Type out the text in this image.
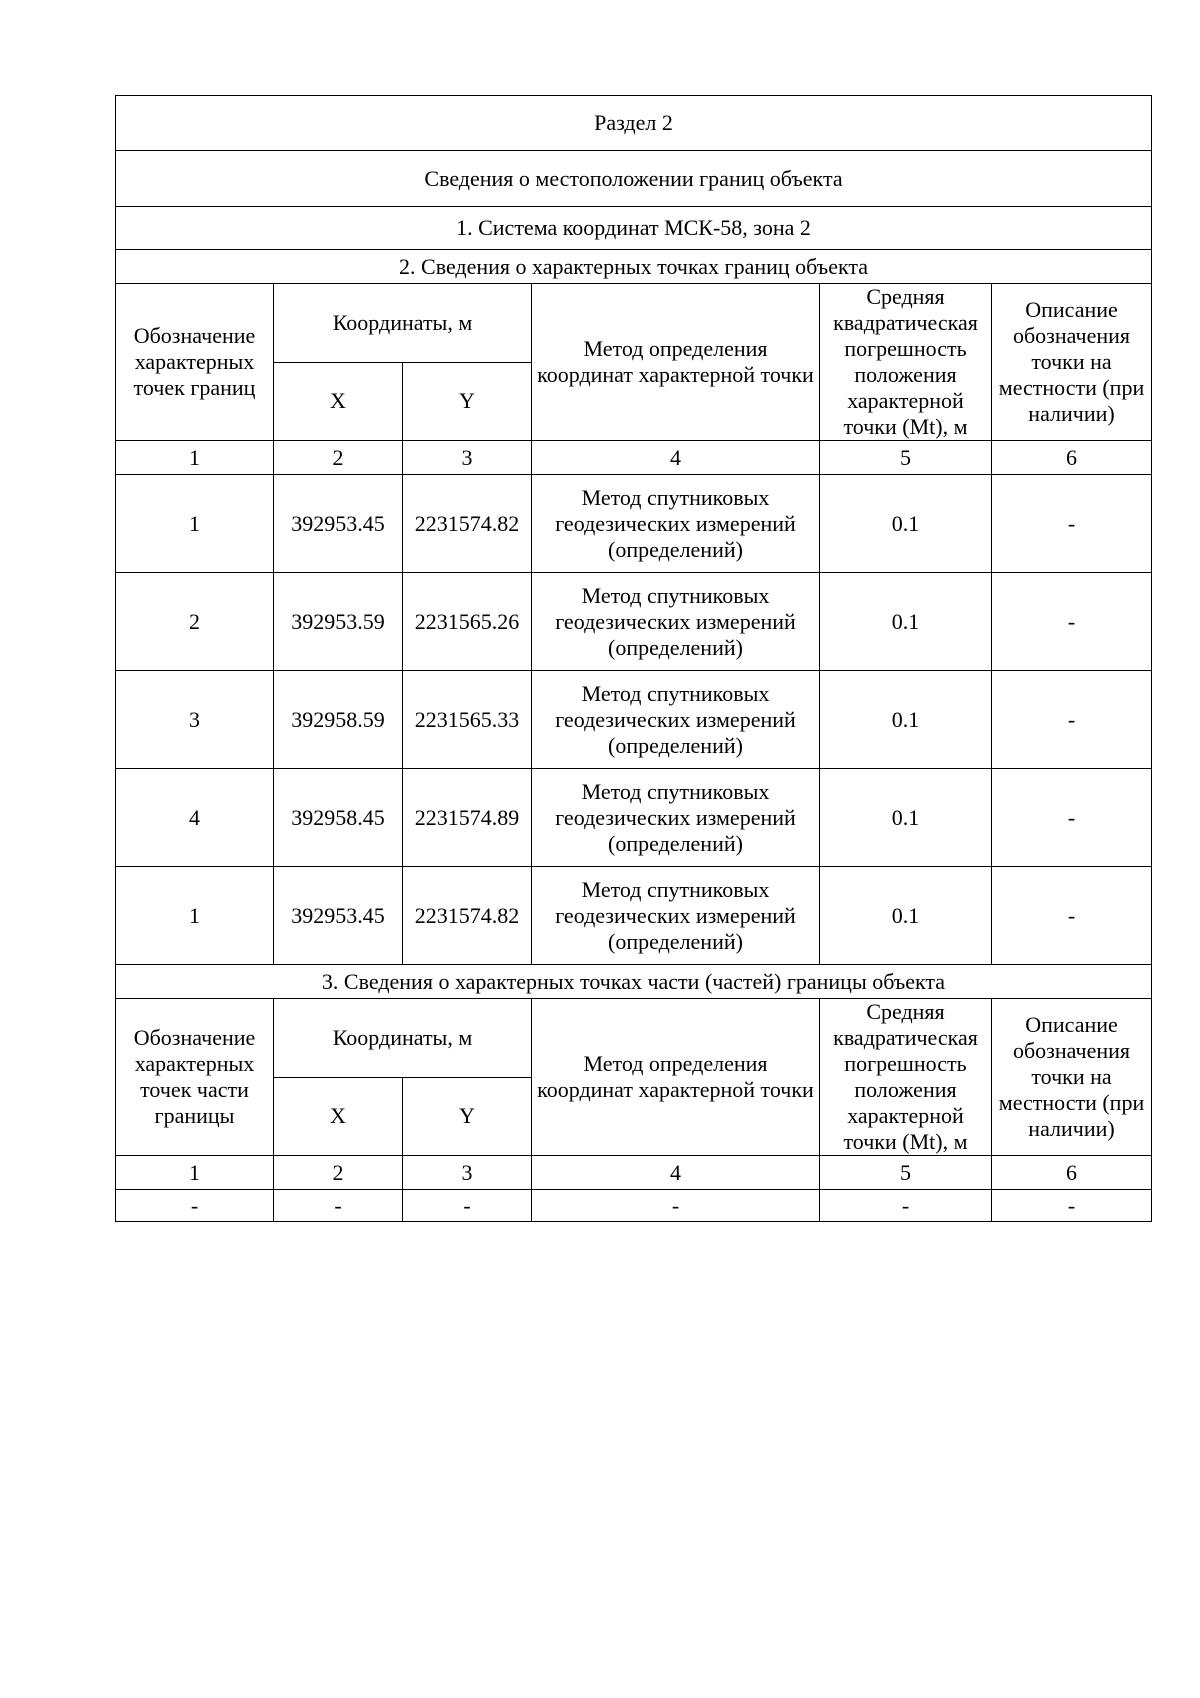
Раздел 2					
Сведения о местоположении границ объекта					
1. Система координат МСК-58, зона 2					
2. Сведения о характерных точках границ объекта					
Обозначение характерных точек границ	Координаты, м		Метод определения координат характерной точки	Средняя квадратическая погрешность положения характерной точки (Mt), м	Описание обозначения точки на местности (при наличии)
	X	Y			
1	2	3	4	5	6
1	392953.45	2231574.82	Метод спутниковых геодезических измерений (определений)	0.1	-
2	392953.59	2231565.26	Метод спутниковых геодезических измерений (определений)	0.1	-
3	392958.59	2231565.33	Метод спутниковых геодезических измерений (определений)	0.1	-
4	392958.45	2231574.89	Метод спутниковых геодезических измерений (определений)	0.1	-
1	392953.45	2231574.82	Метод спутниковых геодезических измерений (определений)	0.1	-
3. Сведения о характерных точках части (частей) границы объекта					
Обозначение характерных точек части границы	Координаты, м		Метод определения координат характерной точки	Средняя квадратическая погрешность положения характерной точки (Mt), м	Описание обозначения точки на местности (при наличии)
	X	Y			
1	2	3	4	5	6
-	-	-	-	-	-
